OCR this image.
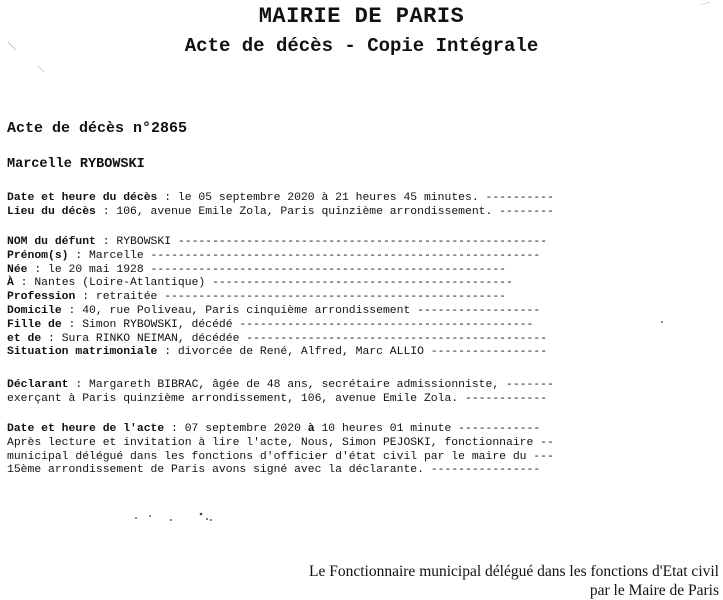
MAIRIE DE PARIS
Acte de décès - Copie Intégrale
Acte de décès n°2865
Marcelle RYBOWSKI
Date et heure du décès : le 05 septembre 2020 à 21 heures 45 minutes. ----------
Lieu du décès : 106, avenue Emile Zola, Paris quinzième arrondissement. --------
NOM du défunt : RYBOWSKI ------------------------------------------------------
Prénom(s) : Marcelle ---------------------------------------------------------
Née : le 20 mai 1928 ----------------------------------------------------
À : Nantes (Loire-Atlantique) --------------------------------------------
Profession : retraitée --------------------------------------------------
Domicile : 40, rue Poliveau, Paris cinquième arrondissement ------------------
Fille de : Simon RYBOWSKI, décédé -------------------------------------------
et de : Sura RINKO NEIMAN, décédée --------------------------------------------
Situation matrimoniale : divorcée de René, Alfred, Marc ALLIO -----------------
Déclarant : Margareth BIBRAC, âgée de 48 ans, secrétaire admissionniste, -------
exerçant à Paris quinzième arrondissement, 106, avenue Emile Zola. ------------
Date et heure de l'acte : 07 septembre 2020 à 10 heures 01 minute ------------
Après lecture et invitation à lire l'acte, Nous, Simon PEJOSKI, fonctionnaire --
municipal délégué dans les fonctions d'officier d'état civil par le maire du ---
15ème arrondissement de Paris avons signé avec la déclarante. ----------------
Le Fonctionnaire municipal délégué dans les fonctions d'Etat civil
par le Maire de Paris
